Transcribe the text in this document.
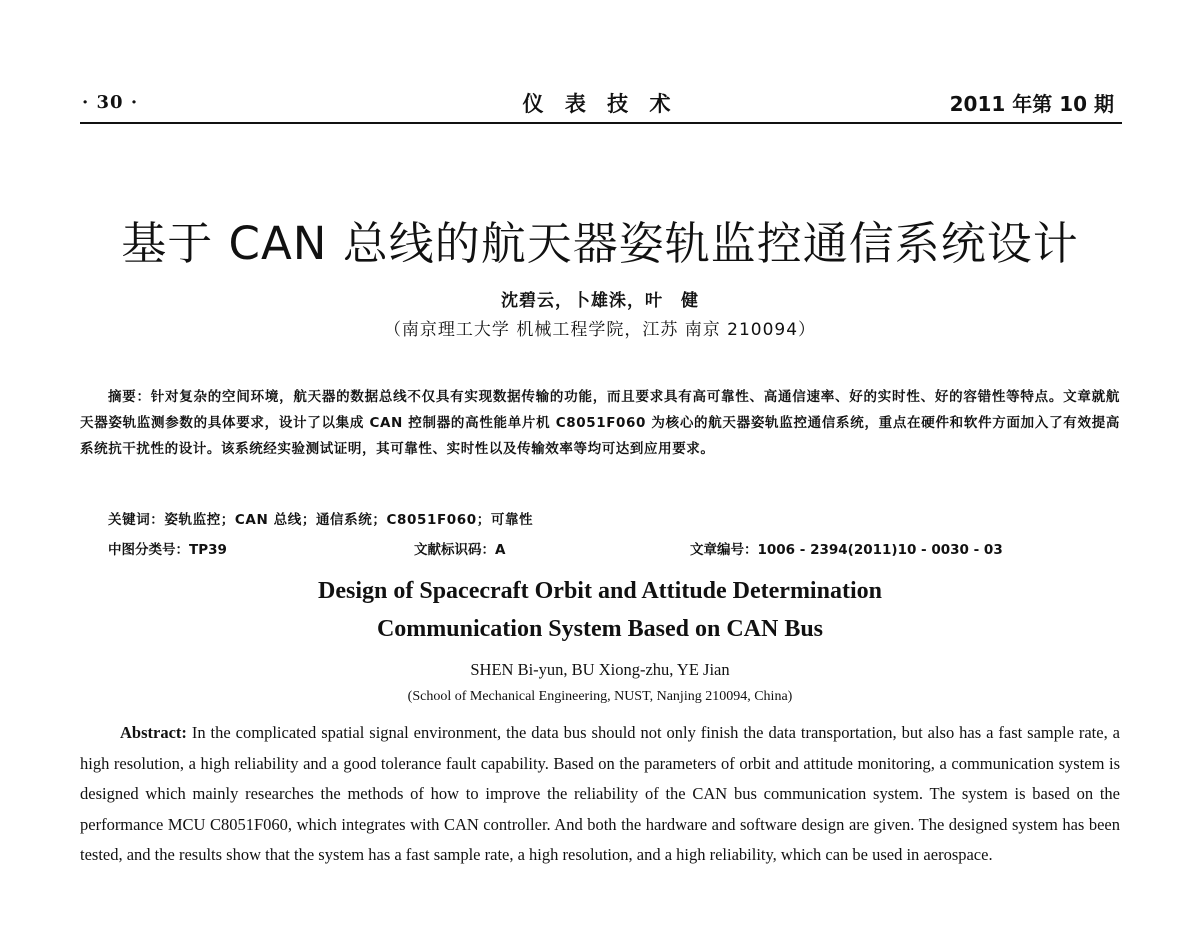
· 30 ·	仪 表 技 术	2011 年第 10 期
基于 CAN 总线的航天器姿轨监控通信系统设计
沈碧云，卜雄洙，叶　健
（南京理工大学 机械工程学院，江苏 南京 210094）
摘要：针对复杂的空间环境，航天器的数据总线不仅具有实现数据传输的功能，而且要求具有高可靠性、高通信速率、好的实时性、好的容错性等特点。文章就航天器姿轨监测参数的具体要求，设计了以集成 CAN 控制器的高性能单片机 C8051F060 为核心的航天器姿轨监控通信系统，重点在硬件和软件方面加入了有效提高系统抗干扰性的设计。该系统经实验测试证明，其可靠性、实时性以及传输效率等均可达到应用要求。
关键词：姿轨监控；CAN 总线；通信系统；C8051F060；可靠性
中图分类号：TP39	文献标识码：A	文章编号：1006 - 2394(2011)10 - 0030 - 03
Design of Spacecraft Orbit and Attitude Determination
Communication System Based on CAN Bus
SHEN Bi-yun, BU Xiong-zhu, YE Jian
(School of Mechanical Engineering, NUST, Nanjing 210094, China)
Abstract: In the complicated spatial signal environment, the data bus should not only finish the data transportation, but also has a fast sample rate, a high resolution, a high reliability and a good tolerance fault capability. Based on the parameters of orbit and attitude monitoring, a communication system is designed which mainly researches the methods of how to improve the reliability of the CAN bus communication system. The system is based on the performance MCU C8051F060, which integrates with CAN controller. And both the hardware and software design are given. The designed system has been tested, and the results show that the system has a fast sample rate, a high resolution, and a high reliability, which can be used in aerospace.
